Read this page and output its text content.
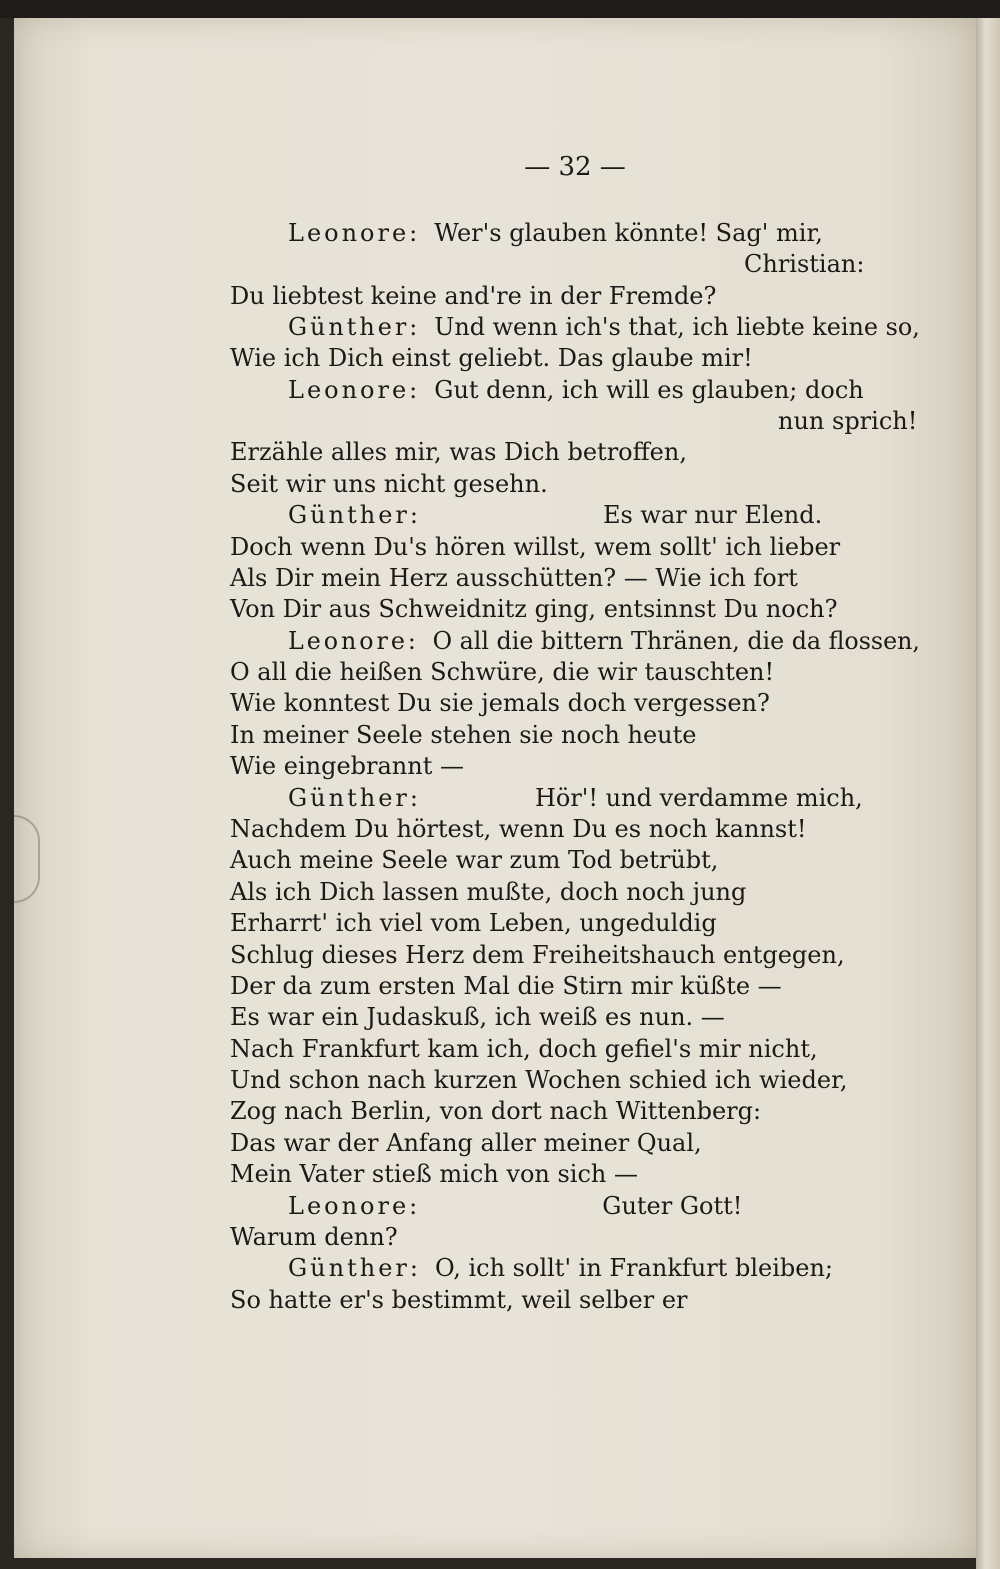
— 32 —
Leonore: Wer's glauben könnte! Sag' mir,
Christian:
Du liebtest keine and're in der Fremde?
Günther: Und wenn ich's that, ich liebte keine so,
Wie ich Dich einst geliebt. Das glaube mir!
Leonore: Gut denn, ich will es glauben; doch
nun sprich!
Erzähle alles mir, was Dich betroffen,
Seit wir uns nicht gesehn.
Günther:	Es war nur Elend.
Doch wenn Du's hören willst, wem sollt' ich lieber
Als Dir mein Herz ausschütten? — Wie ich fort
Von Dir aus Schweidnitz ging, entsinnst Du noch?
Leonore: O all die bittern Thränen, die da flossen,
O all die heißen Schwüre, die wir tauschten!
Wie konntest Du sie jemals doch vergessen?
In meiner Seele stehen sie noch heute
Wie eingebrannt —
Günther:	Hör'! und verdamme mich,
Nachdem Du hörtest, wenn Du es noch kannst!
Auch meine Seele war zum Tod betrübt,
Als ich Dich lassen mußte, doch noch jung
Erharrt' ich viel vom Leben, ungeduldig
Schlug dieses Herz dem Freiheitshauch entgegen,
Der da zum ersten Mal die Stirn mir küßte —
Es war ein Judaskuß, ich weiß es nun. —
Nach Frankfurt kam ich, doch gefiel's mir nicht,
Und schon nach kurzen Wochen schied ich wieder,
Zog nach Berlin, von dort nach Wittenberg:
Das war der Anfang aller meiner Qual,
Mein Vater stieß mich von sich —
Leonore:	Guter Gott!
Warum denn?
Günther: O, ich sollt' in Frankfurt bleiben;
So hatte er's bestimmt, weil selber er
